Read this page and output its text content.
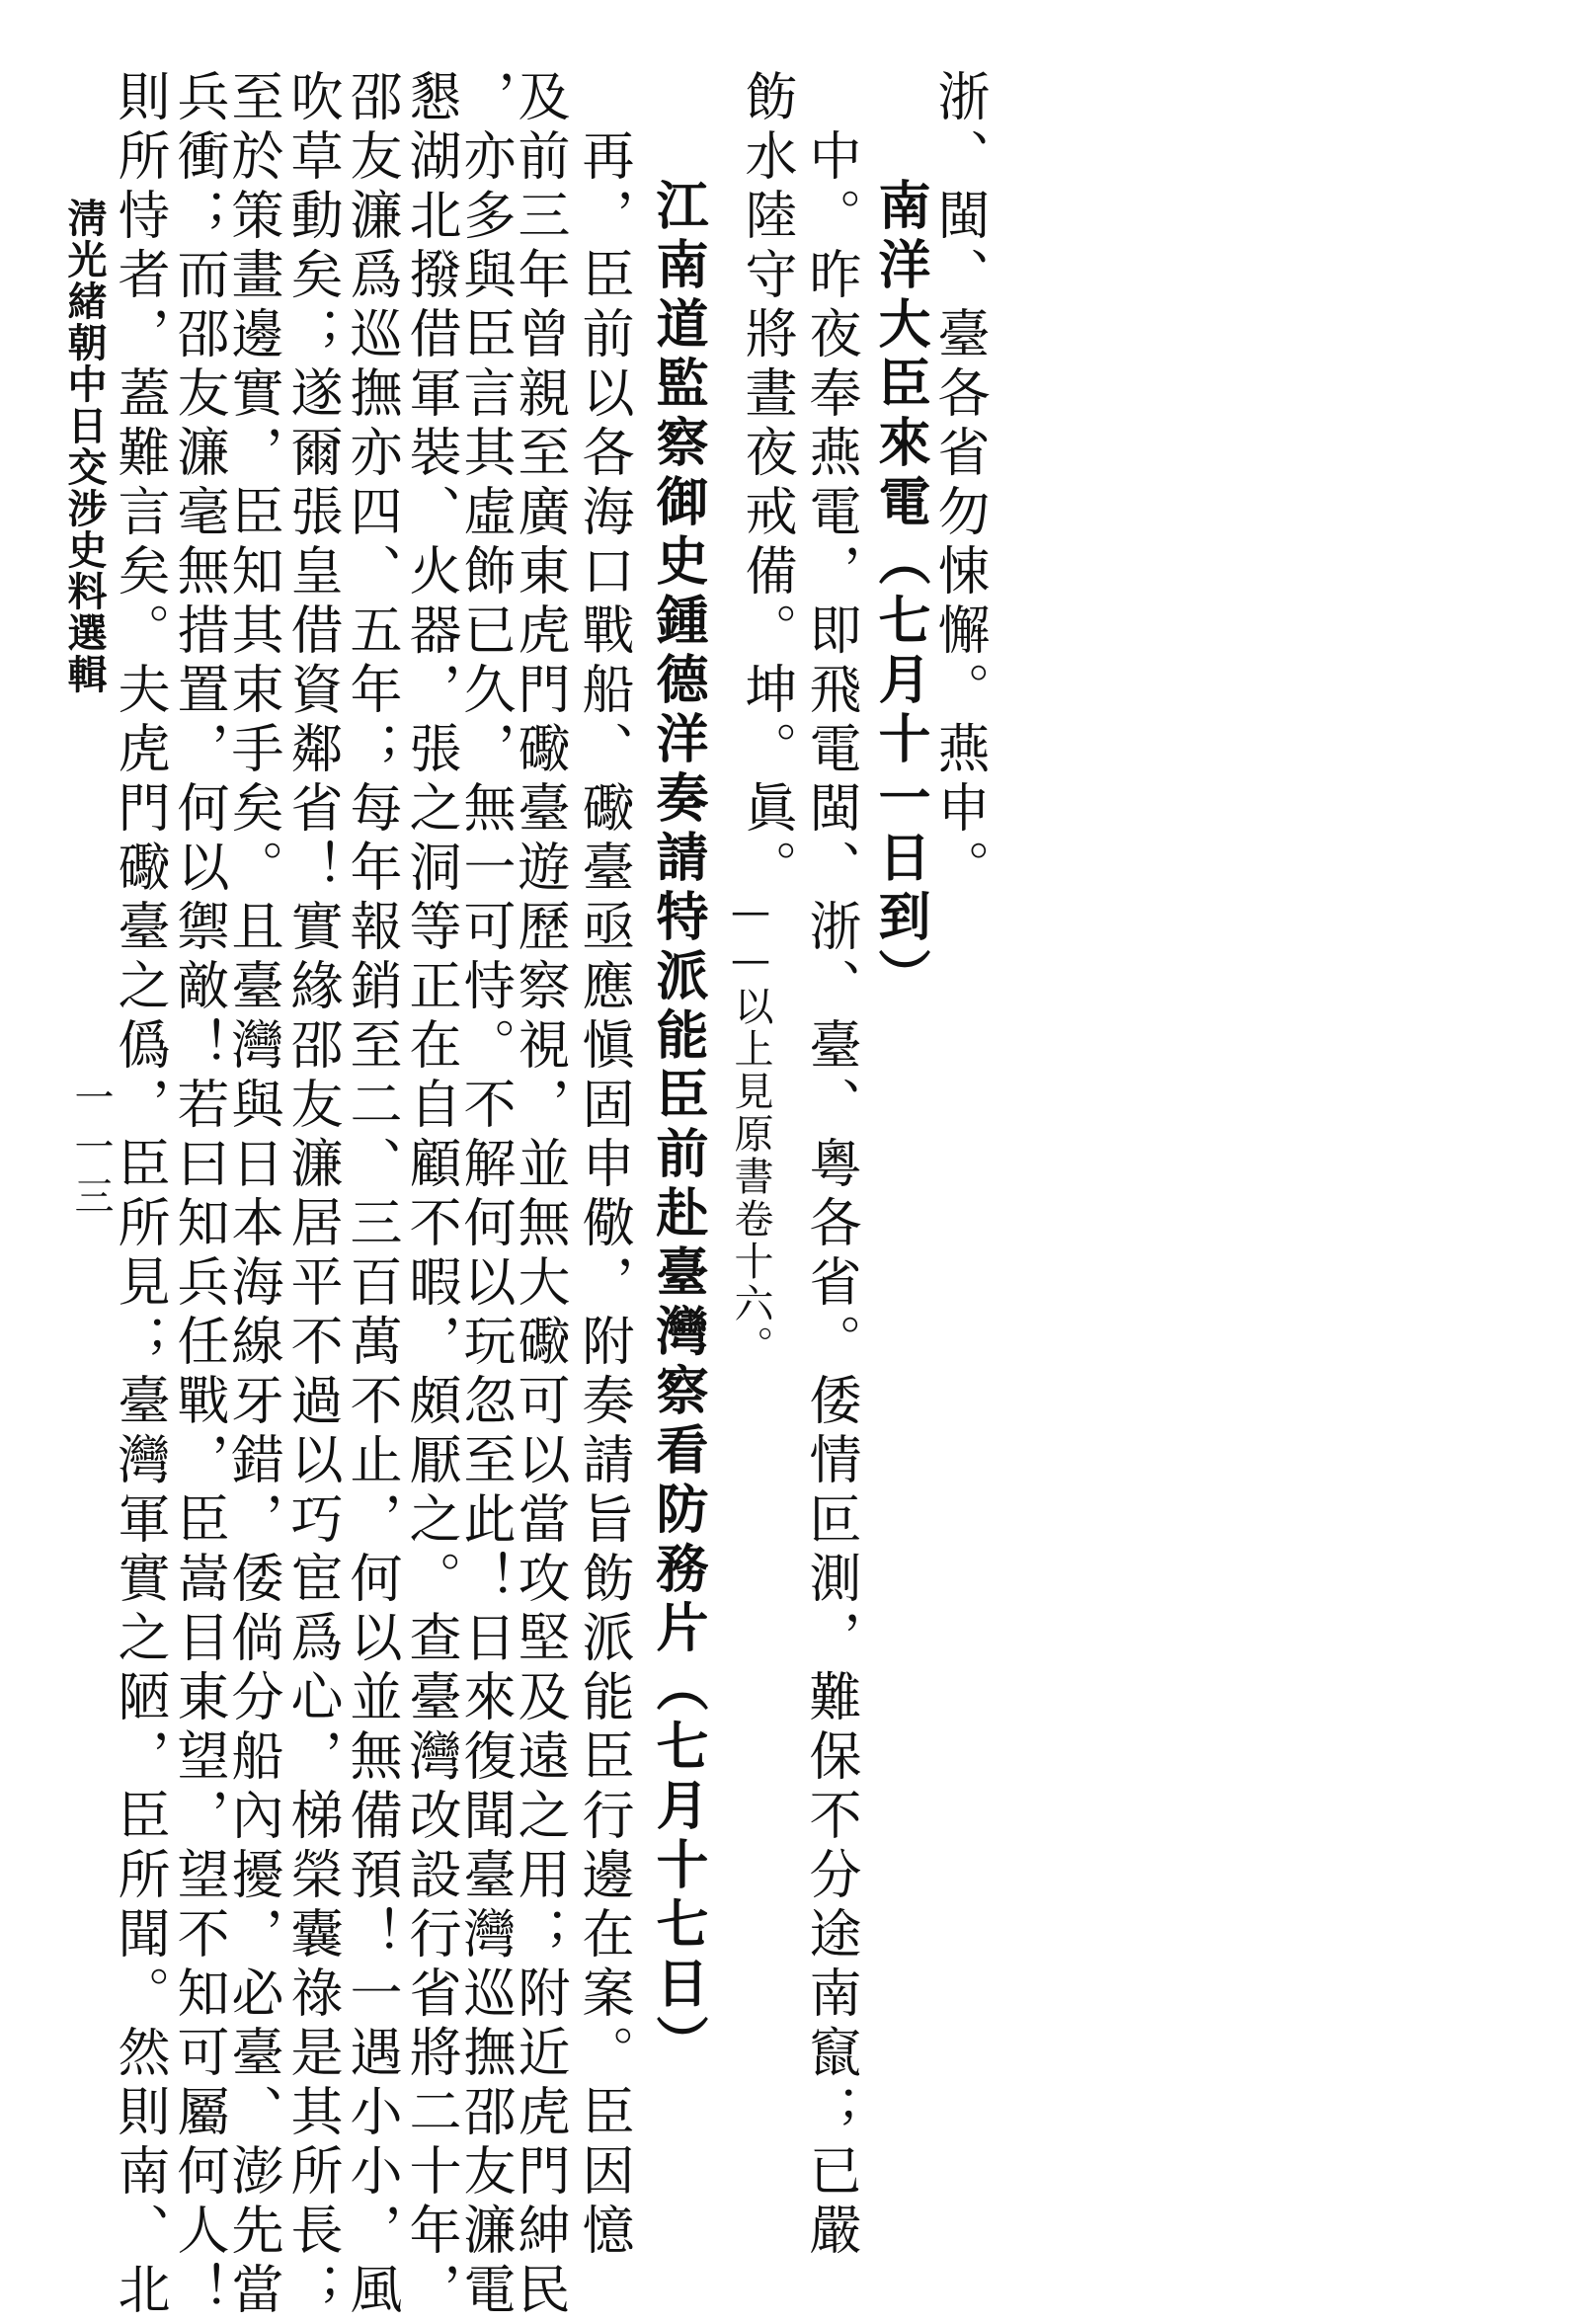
浙、閩、臺各省勿悚懈。燕申。
南洋大臣來電（七月十一日到）
中。昨夜奉燕電，即飛電閩、浙、臺、粵各省。倭情叵測，難保不分途南竄；已嚴
飭水陸守將晝夜戒備。坤。眞。
——以上見原書卷十六。
江南道監察御史鍾德洋奏請特派能臣前赴臺灣察看防務片（七月十七日）
再，臣前以各海口戰船、礮臺亟應愼固申儆，附奏請旨飭派能臣行邊在案。臣因憶
及前三年曾親至廣東虎門礮臺遊歷察視，並無大礮可以當攻堅及遠之用；附近虎門紳民
，亦多與臣言其虛飾已久，無一可恃。不解何以玩忽至此！日來復聞臺灣巡撫邵友濂電
懇湖北撥借軍裝、火器，張之洞等正在自顧不暇，頗厭之。查臺灣改設行省將二十年，
邵友濂爲巡撫亦四、五年；每年報銷至二、三百萬不止，何以並無備預！一遇小小，風
吹草動矣；遂爾張皇借資鄰省！實緣邵友濂居平不過以巧宦爲心，梯榮囊祿是其所長；
至於策畫邊實，臣知其束手矣。且臺灣與日本海線牙錯，倭倘分船內擾，必臺、澎先當
兵衝；而邵友濂毫無措置，何以禦敵！若曰知兵任戰，臣嵩目東望，望不知可屬何人！
則所恃者，蓋難言矣。夫虎門礮臺之僞，臣所見；臺灣軍實之陋，臣所聞。然則南、北
淸光緒朝中日交涉史料選輯
一一三
